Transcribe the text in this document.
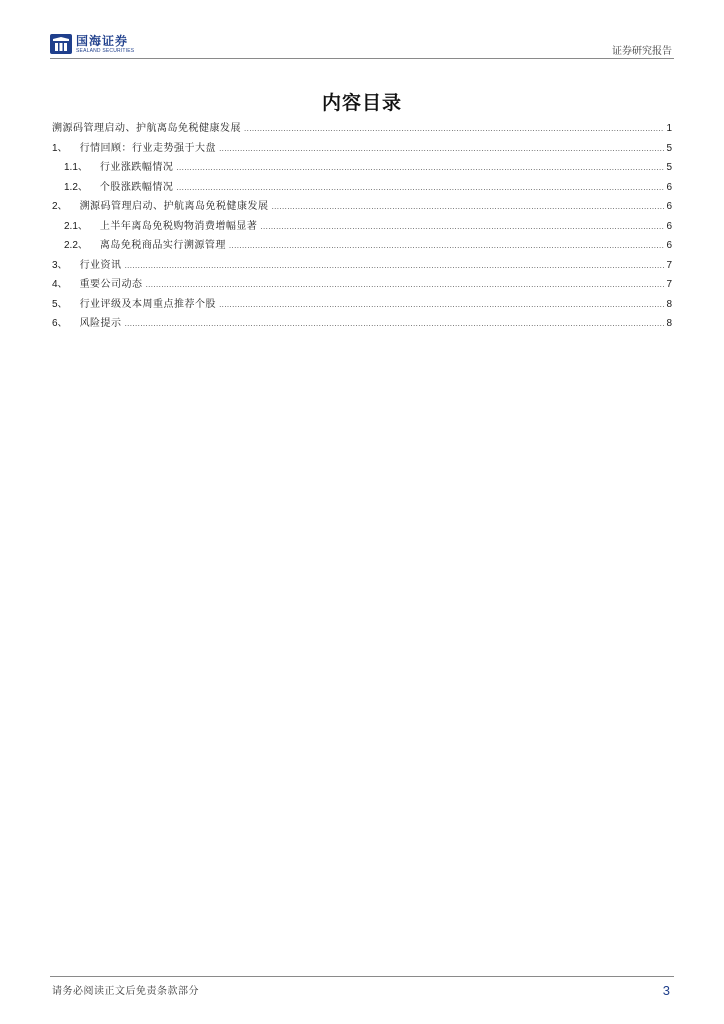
国海证券
SEALAND SECURITIES	证券研究报告
内容目录
溯源码管理启动、护航离岛免税健康发展 .....	1
1、 行情回顾：行业走势强于大盘 .....	5
1.1、 行业涨跌幅情况 .....	5
1.2、 个股涨跌幅情况 .....	6
2、 溯源码管理启动、护航离岛免税健康发展 .....	6
2.1、 上半年离岛免税购物消费增幅显著 .....	6
2.2、 离岛免税商品实行溯源管理 .....	6
3、 行业资讯 .....	7
4、 重要公司动态 .....	7
5、 行业评级及本周重点推荐个股 .....	8
6、 风险提示 .....	8
请务必阅读正文后免责条款部分	3
